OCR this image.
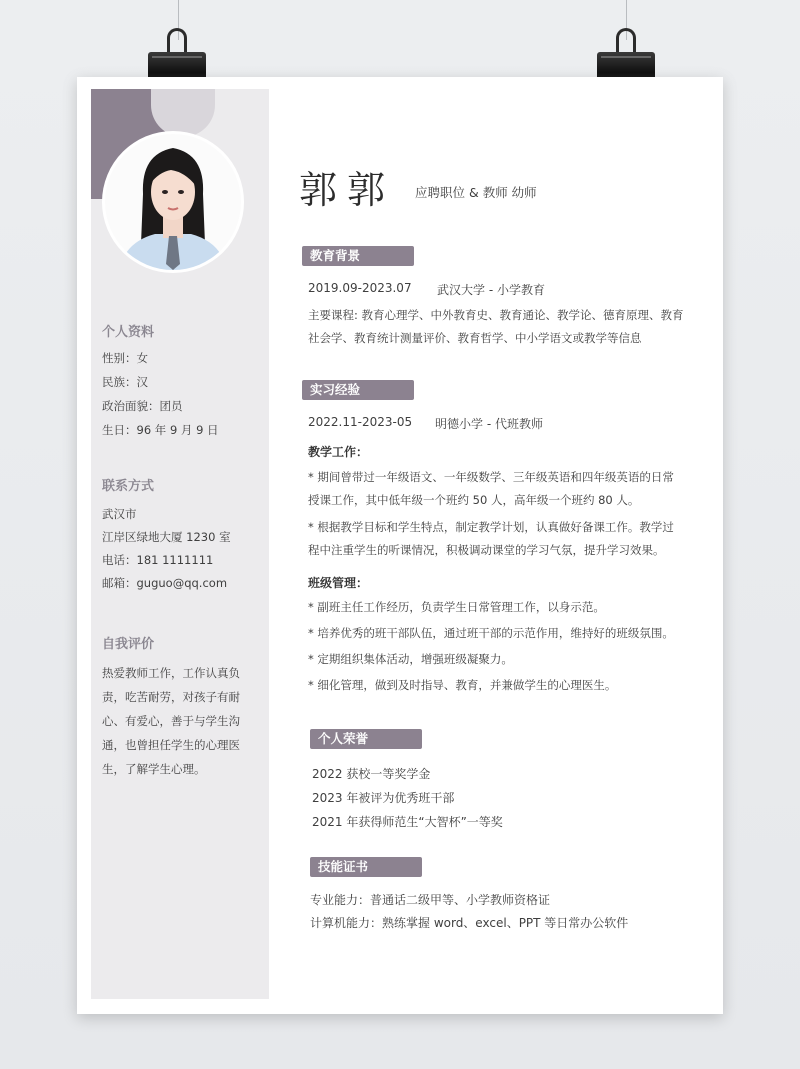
个人资料
性别：女
民族：汉
政治面貌：团员
生日：96 年 9 月 9 日
联系方式
武汉市
江岸区绿地大厦 1230 室
电话：181 1111111
邮箱：guguo@qq.com
自我评价
热爱教师工作，工作认真负责，吃苦耐劳，对孩子有耐心、有爱心，善于与学生沟通，也曾担任学生的心理医生，了解学生心理。
郭郭 应聘职位 & 教师 幼师
教育背景
2019.09-2023.07 武汉大学 - 小学教育
主要课程: 教育心理学、中外教育史、教育通论、教学论、德育原理、教育社会学、教育统计测量评价、教育哲学、中小学语文或教学等信息
实习经验
2022.11-2023-05 明德小学 - 代班教师
教学工作：
* 期间曾带过一年级语文、一年级数学、三年级英语和四年级英语的日常授课工作，其中低年级一个班约 50 人，高年级一个班约 80 人。
* 根据教学目标和学生特点，制定教学计划，认真做好备课工作。教学过程中注重学生的听课情况，积极调动课堂的学习气氛，提升学习效果。
班级管理：
* 副班主任工作经历，负责学生日常管理工作，以身示范。
* 培养优秀的班干部队伍，通过班干部的示范作用，维持好的班级氛围。
* 定期组织集体活动，增强班级凝聚力。
* 细化管理，做到及时指导、教育，并兼做学生的心理医生。
个人荣誉
2022 获校一等奖学金
2023 年被评为优秀班干部
2021 年获得师范生“大智杯”一等奖
技能证书
专业能力：普通话二级甲等、小学教师资格证
计算机能力：熟练掌握 word、excel、PPT 等日常办公软件
